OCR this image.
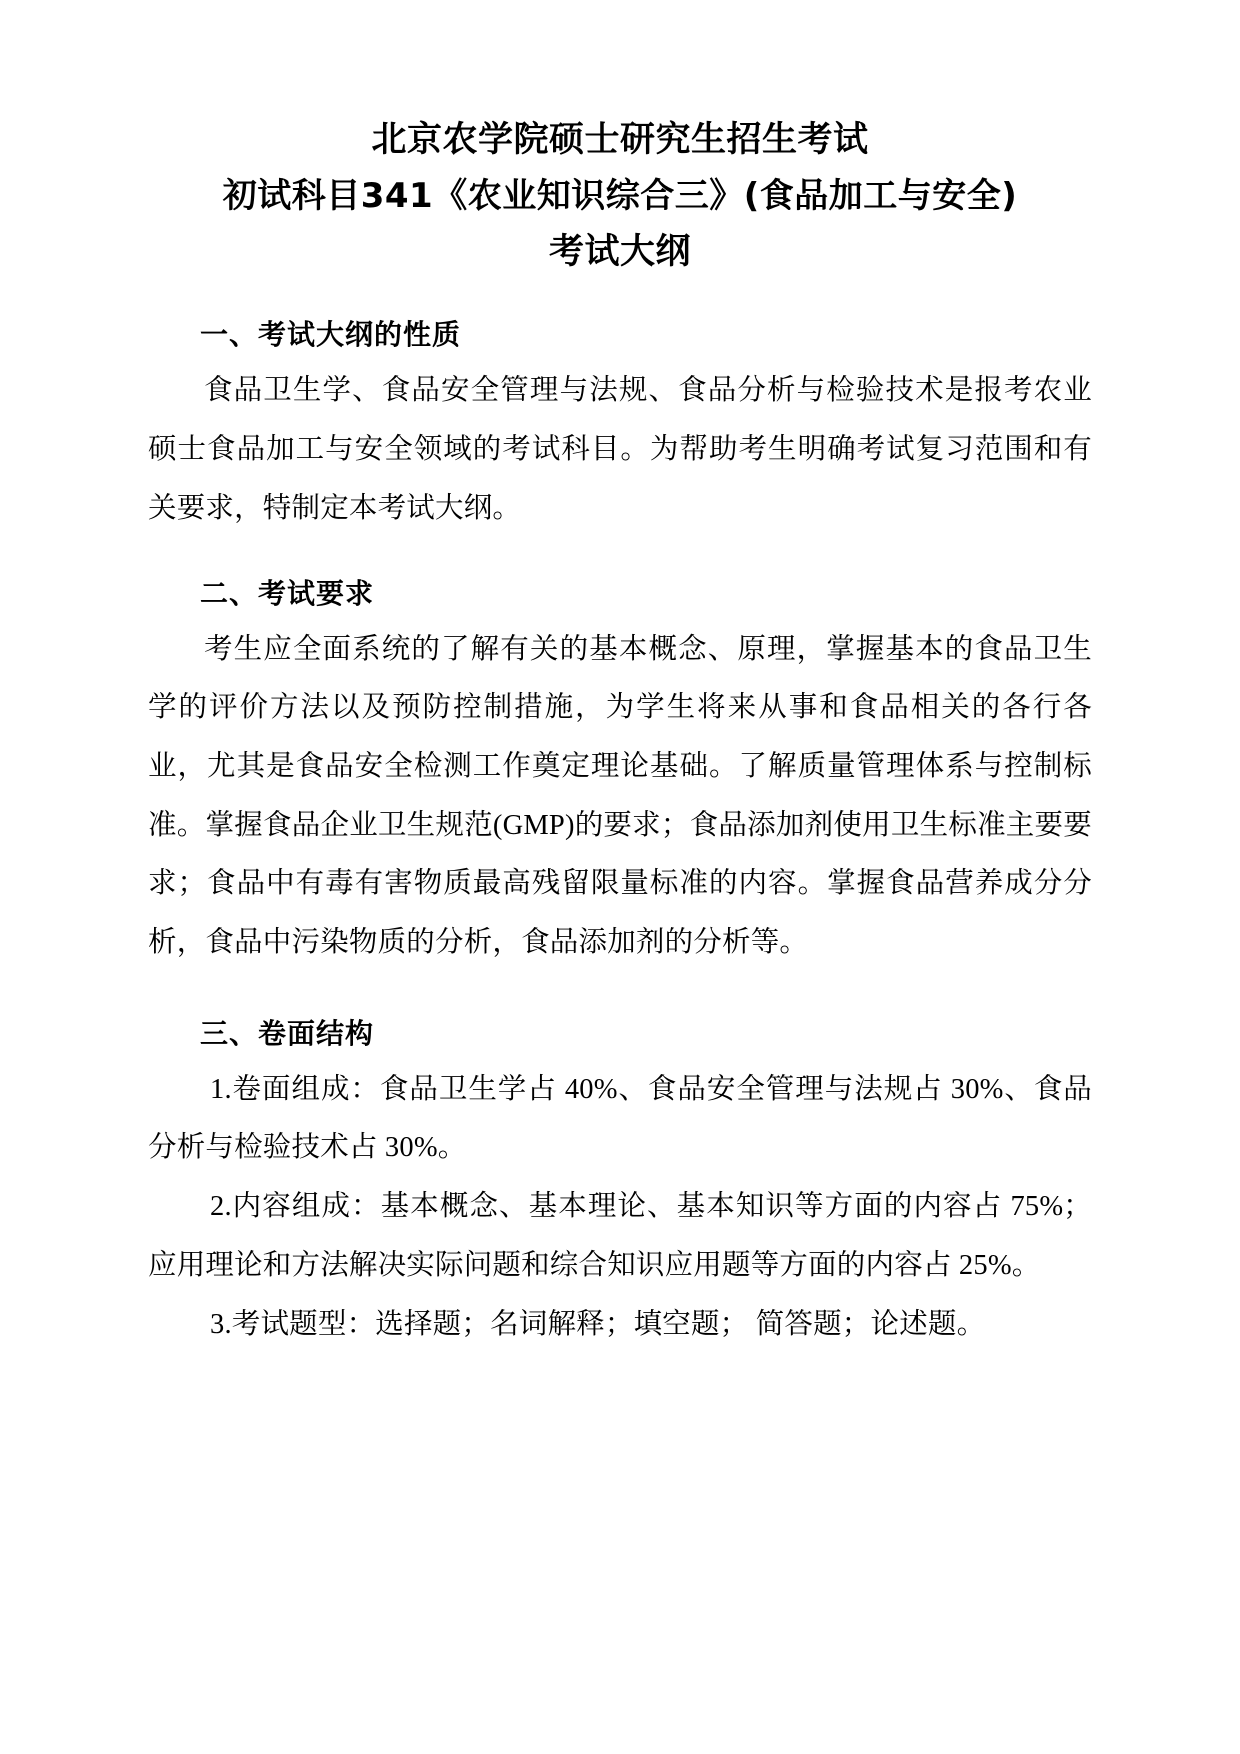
北京农学院硕士研究生招生考试
初试科目341《农业知识综合三》(食品加工与安全)
考试大纲
一、考试大纲的性质

食品卫生学、食品安全管理与法规、食品分析与检验技术是报考农业硕士食品加工与安全领域的考试科目。为帮助考生明确考试复习范围和有关要求，特制定本考试大纲。

二、考试要求

考生应全面系统的了解有关的基本概念、原理，掌握基本的食品卫生学的评价方法以及预防控制措施，为学生将来从事和食品相关的各行各业，尤其是食品安全检测工作奠定理论基础。了解质量管理体系与控制标准。掌握食品企业卫生规范(GMP)的要求；食品添加剂使用卫生标准主要要求；食品中有毒有害物质最高残留限量标准的内容。掌握食品营养成分分析，食品中污染物质的分析，食品添加剂的分析等。

三、卷面结构

1.卷面组成：食品卫生学占 40%、食品安全管理与法规占 30%、食品分析与检验技术占 30%。

2.内容组成：基本概念、基本理论、基本知识等方面的内容占 75%；应用理论和方法解决实际问题和综合知识应用题等方面的内容占 25%。

3.考试题型：选择题；名词解释；填空题； 简答题；论述题。
